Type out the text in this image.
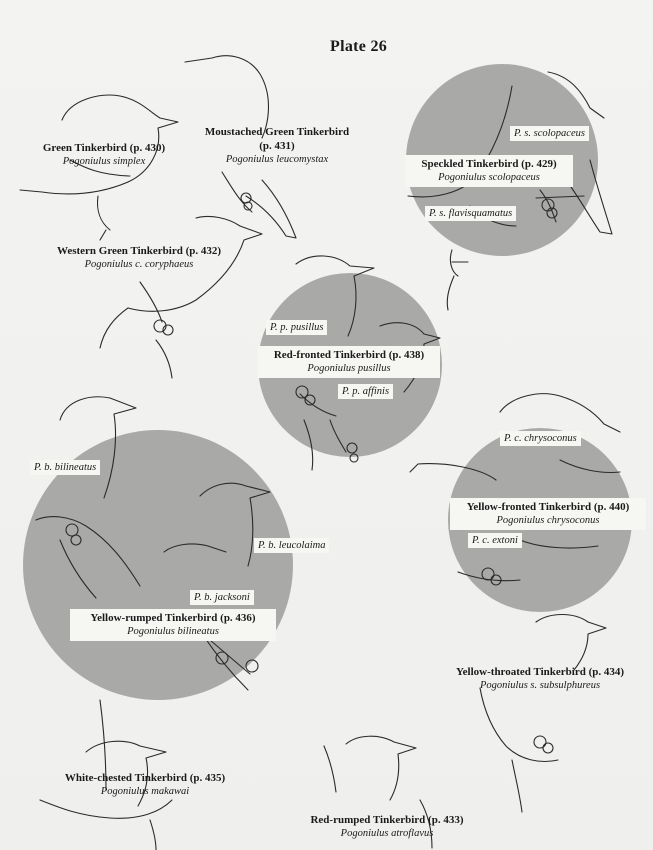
Plate 26
Green Tinkerbird (p. 430)
Pogoniulus simplex
Moustached Green Tinkerbird
(p. 431)
Pogoniulus leucomystax	Speckled Tinkerbird (p. 429)
Pogoniulus scolopaceus
P. s. scolopaceus
P. s. flavisquamatus
Western Green Tinkerbird (p. 432)
Pogoniulus c. coryphaeus
Red-fronted Tinkerbird (p. 438)
Pogoniulus pusillus
P. p. pusillus
P. p. affinis
Yellow-fronted Tinkerbird (p. 440)
Pogoniulus chrysoconus
P. c. chrysoconus
P. c. extoni
Yellow-rumped Tinkerbird (p. 436)
Pogoniulus bilineatus
P. b. bilineatus
P. b. leucolaima
P. b. jacksoni
Yellow-throated Tinkerbird (p. 434)
Pogoniulus s. subsulphureus
White-chested Tinkerbird (p. 435)
Pogoniulus makawai
Red-rumped Tinkerbird (p. 433)
Pogoniulus atroflavus
